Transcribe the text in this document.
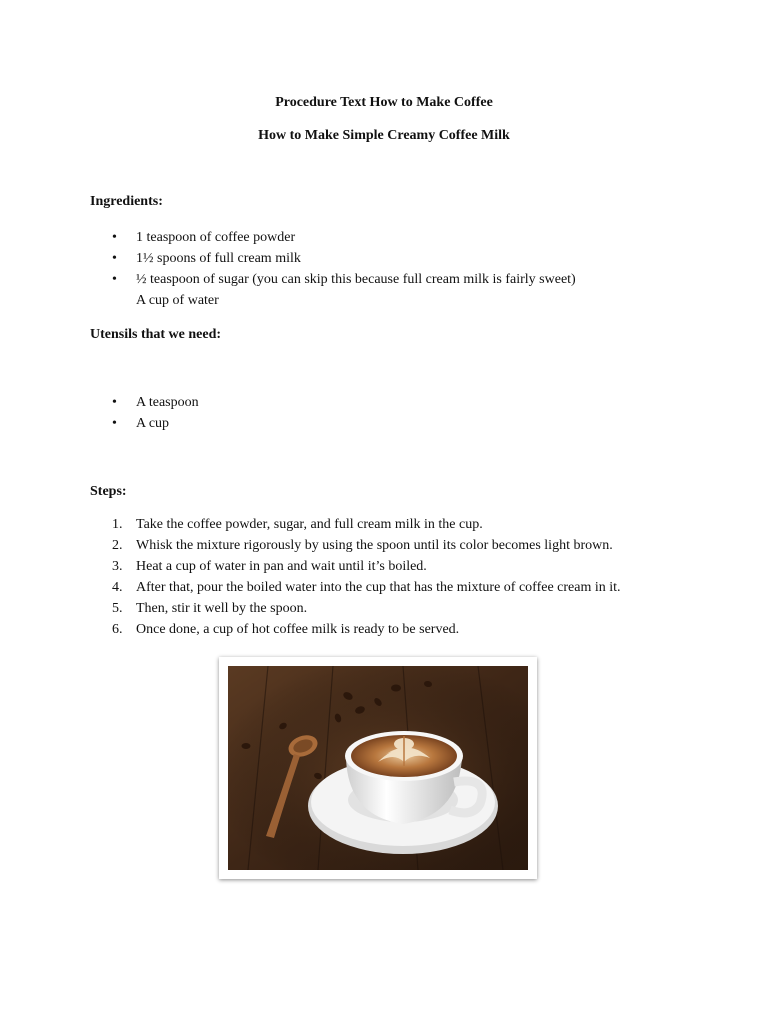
Procedure Text How to Make Coffee
How to Make Simple Creamy Coffee Milk
Ingredients:
•	1 teaspoon of coffee powder
•	1½ spoons of full cream milk
•	½ teaspoon of sugar (you can skip this because full cream milk is fairly sweet)
A cup of water
Utensils that we need:
•	A teaspoon
•	A cup
Steps:
1. Take the coffee powder, sugar, and full cream milk in the cup.
2. Whisk the mixture rigorously by using the spoon until its color becomes light brown.
3. Heat a cup of water in pan and wait until it’s boiled.
4. After that, pour the boiled water into the cup that has the mixture of coffee cream in it.
5. Then, stir it well by the spoon.
6. Once done, a cup of hot coffee milk is ready to be served.
